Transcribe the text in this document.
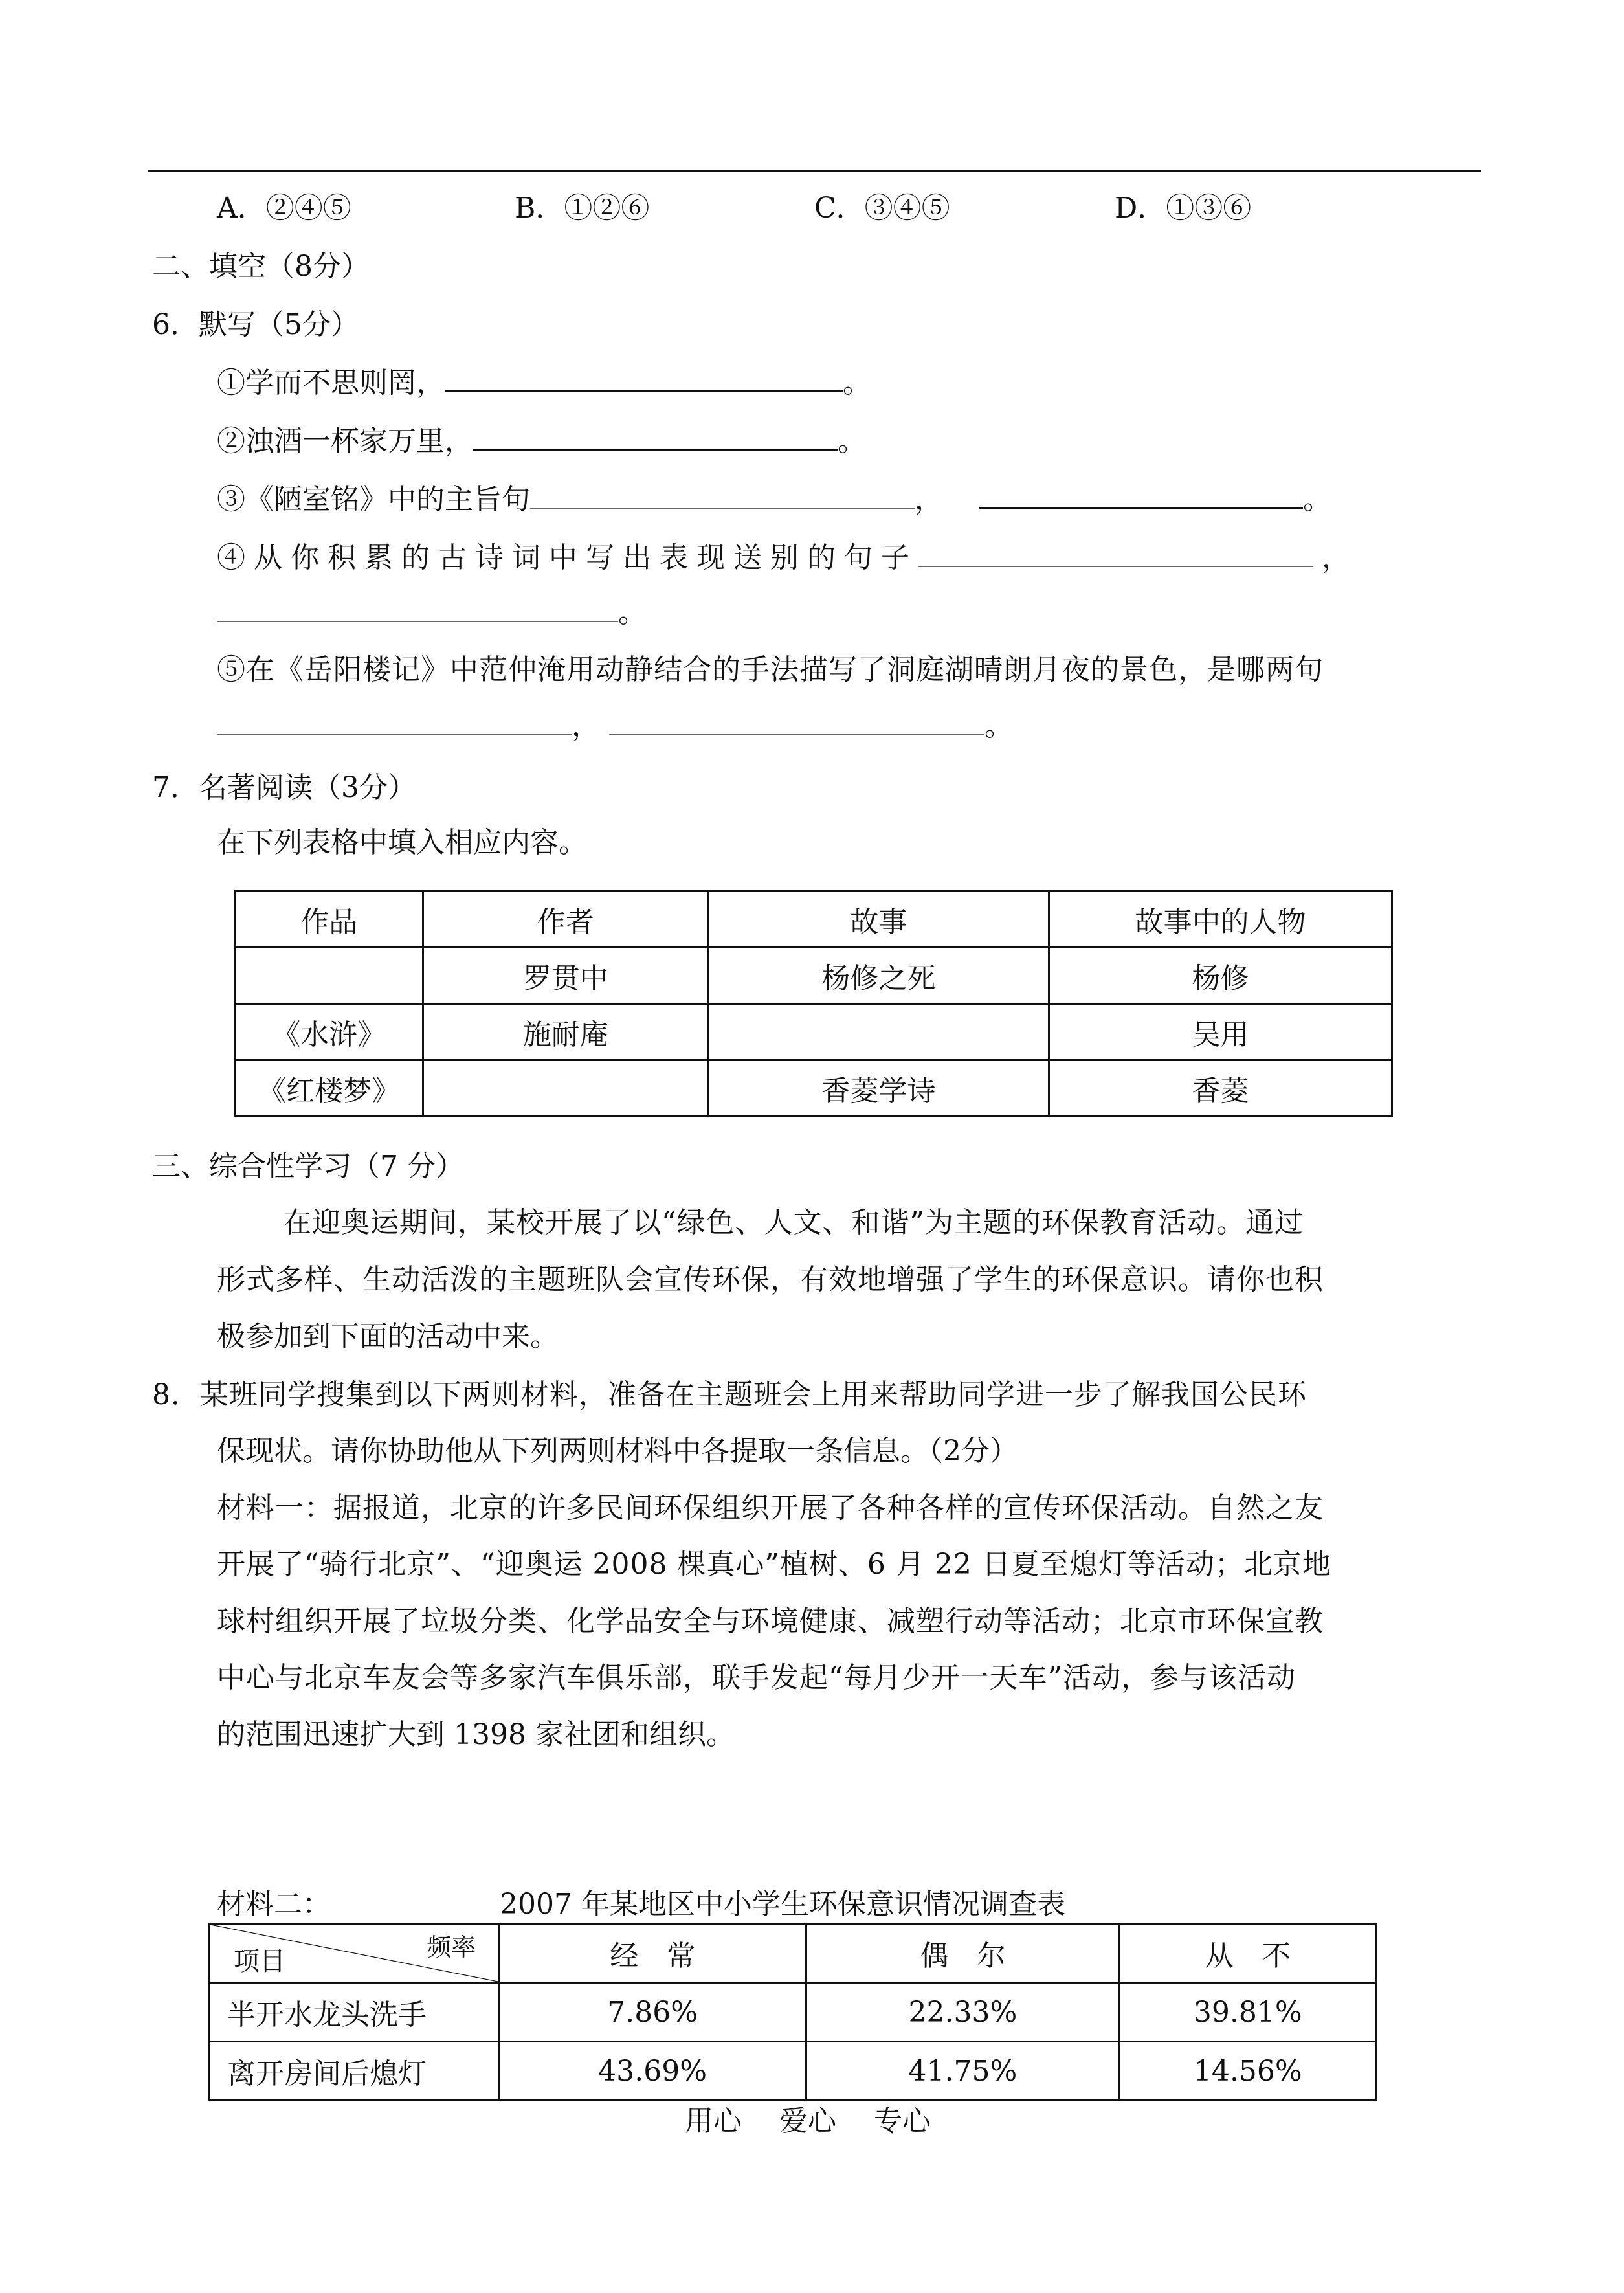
A．②④⑤	B．①②⑥	C．③④⑤	D．①③⑥
二、填空（8分）
6．默写（5分）
①学而不思则罔，	。
②浊酒一杯家万里，	。
③《陋室铭》中的主旨句	，	。
④从你积累的古诗词中写出表现送别的句子	，
。
⑤在《岳阳楼记》中范仲淹用动静结合的手法描写了洞庭湖晴朗月夜的景色，是哪两句
，	。
7．名著阅读（3分）
在下列表格中填入相应内容。
作品	作者	故事	故事中的人物
	罗贯中	杨修之死	杨修
《水浒》	施耐庵		吴用
《红楼梦》		香菱学诗	香菱
三、综合性学习（7 分）
在迎奥运期间，某校开展了以“绿色、人文、和谐”为主题的环保教育活动。通过
形式多样、生动活泼的主题班队会宣传环保，有效地增强了学生的环保意识。请你也积
极参加到下面的活动中来。
8．某班同学搜集到以下两则材料，准备在主题班会上用来帮助同学进一步了解我国公民环
保现状。请你协助他从下列两则材料中各提取一条信息。（2分）
材料一：据报道，北京的许多民间环保组织开展了各种各样的宣传环保活动。自然之友
开展了“骑行北京”、“迎奥运 2008 棵真心”植树、6 月 22 日夏至熄灯等活动；北京地
球村组织开展了垃圾分类、化学品安全与环境健康、减塑行动等活动；北京市环保宣教
中心与北京车友会等多家汽车俱乐部，联手发起“每月少开一天车”活动，参与该活动
的范围迅速扩大到 1398 家社团和组织。
材料二：	2007 年某地区中小学生环保意识情况调查表
频率
项目	经　常	偶　尔	从　不
半开水龙头洗手	7.86%	22.33%	39.81%
离开房间后熄灯	43.69%	41.75%	14.56%
用心　 爱心　 专心
